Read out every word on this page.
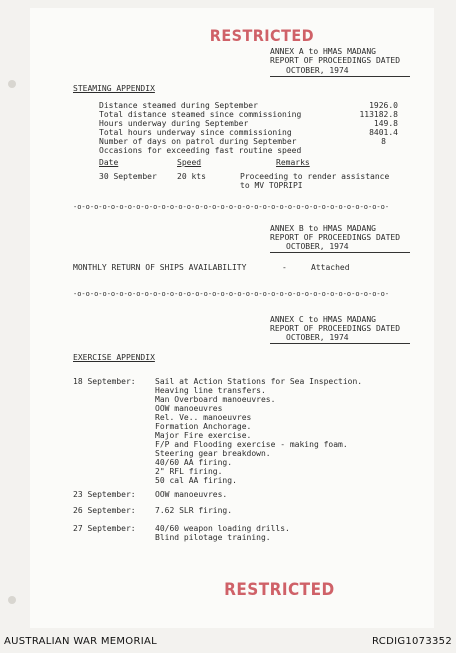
RESTRICTED
ANNEX A to HMAS MADANG
REPORT OF PROCEEDINGS DATED
OCTOBER, 1974
STEAMING APPENDIX
Distance steamed during September	1926.0
Total distance steamed since commissioning	113182.8
Hours underway during September	149.8
Total hours underway since commissioning	8401.4
Number of days on patrol during September	8
Occasions for exceeding fast routine speed
Date	Speed	Remarks
30 September	20 kts	Proceeding to render assistance
to MV TOPRIPI
-o-o-o-o-o-o-o-o-o-o-o-o-o-o-o-o-o-o-o-o-o-o-o-o-o-o-o-o-o-o-o-o-o-o-o-o-o-
ANNEX B to HMAS MADANG
REPORT OF PROCEEDINGS DATED
OCTOBER, 1974
MONTHLY RETURN OF SHIPS AVAILABILITY	-	Attached
-o-o-o-o-o-o-o-o-o-o-o-o-o-o-o-o-o-o-o-o-o-o-o-o-o-o-o-o-o-o-o-o-o-o-o-o-o-
ANNEX C to HMAS MADANG
REPORT OF PROCEEDINGS DATED
OCTOBER, 1974
EXERCISE APPENDIX
18 September: Sail at Action Stations for Sea Inspection.
Heaving line transfers.
Man Overboard manoeuvres.
OOW manoeuvres
Rel. Ve.. manoeuvres
Formation Anchorage.
Major Fire exercise.
F/P and Flooding exercise - making foam.
Steering gear breakdown.
40/60 AA firing.
2" RFL firing.
50 cal AA firing.
23 September: OOW manoeuvres.
26 September: 7.62 SLR firing.
27 September: 40/60 weapon loading drills.
Blind pilotage training.
RESTRICTED
AUSTRALIAN WAR MEMORIAL	RCDIG1073352
